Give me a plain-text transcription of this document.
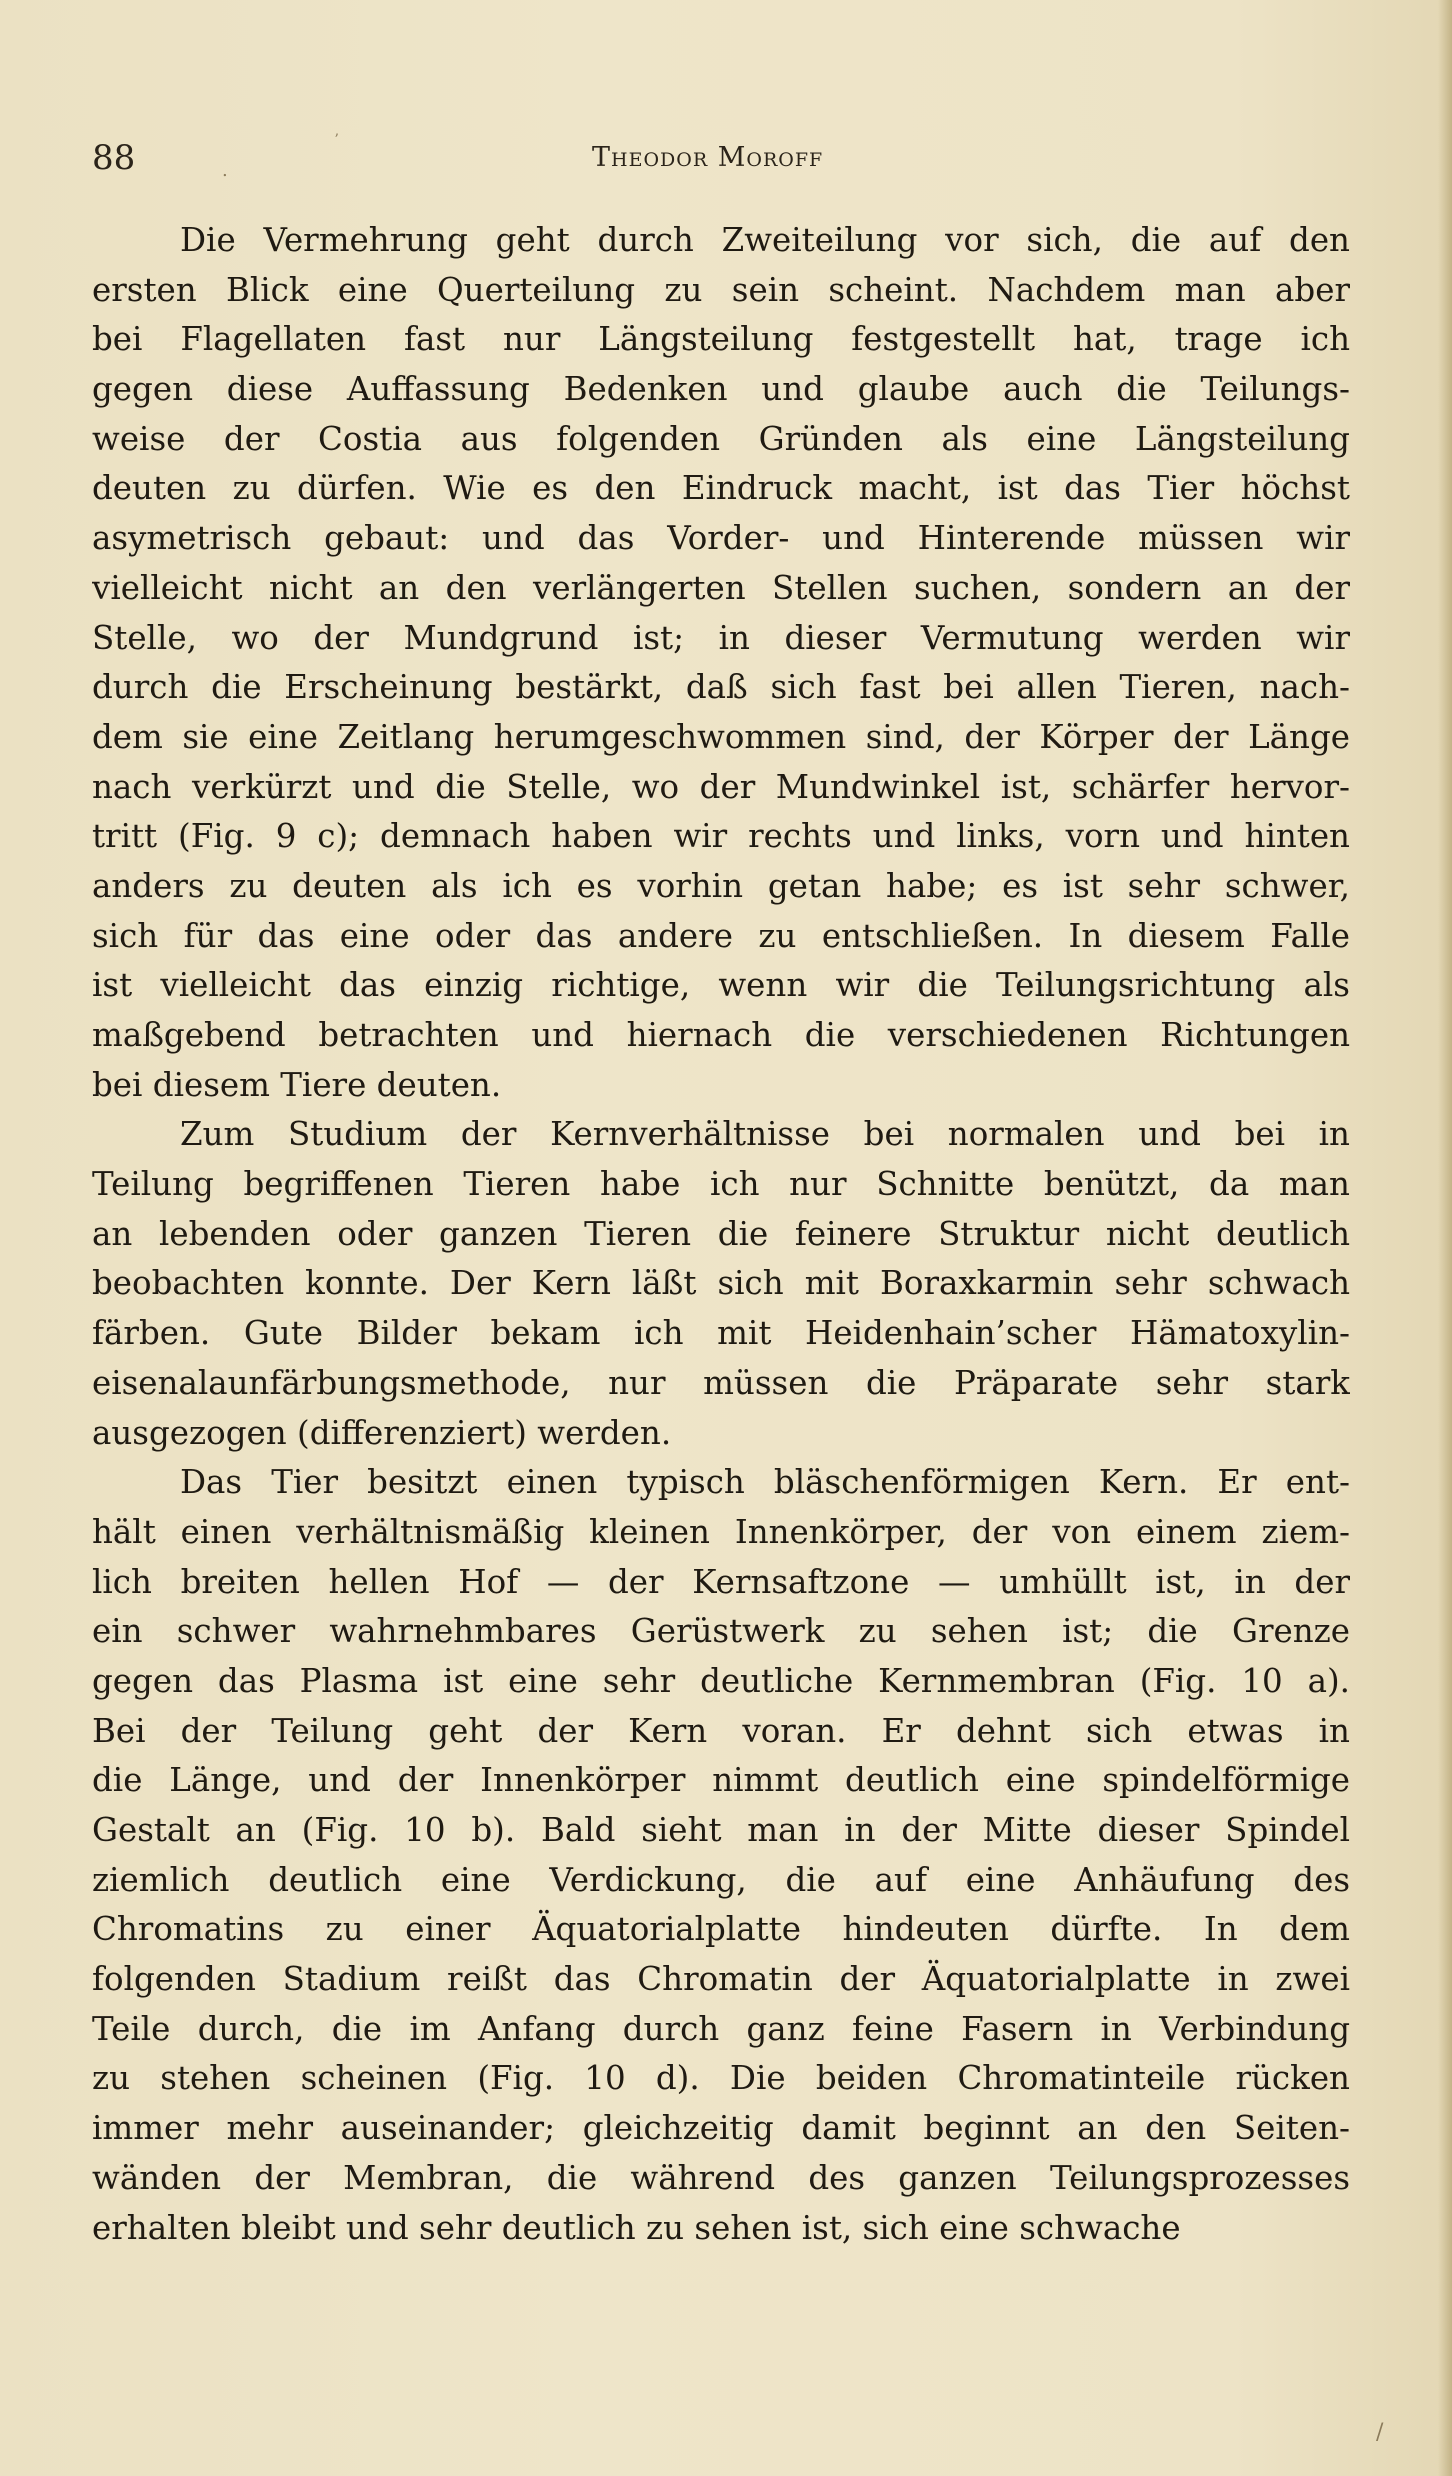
88	Theodor Moroff
.
ʼ
/
Die Vermehrung geht durch Zweiteilung vor sich, die auf den
ersten Blick eine Querteilung zu sein scheint. Nachdem man aber
bei Flagellaten fast nur Längsteilung festgestellt hat, trage ich
gegen diese Auffassung Bedenken und glaube auch die Teilungs-
weise der Costia aus folgenden Gründen als eine Längsteilung
deuten zu dürfen. Wie es den Eindruck macht, ist das Tier höchst
asymetrisch gebaut: und das Vorder- und Hinterende müssen wir
vielleicht nicht an den verlängerten Stellen suchen, sondern an der
Stelle, wo der Mundgrund ist; in dieser Vermutung werden wir
durch die Erscheinung bestärkt, daß sich fast bei allen Tieren, nach-
dem sie eine Zeitlang herumgeschwommen sind, der Körper der Länge
nach verkürzt und die Stelle, wo der Mundwinkel ist, schärfer hervor-
tritt (Fig. 9 c); demnach haben wir rechts und links, vorn und hinten
anders zu deuten als ich es vorhin getan habe; es ist sehr schwer,
sich für das eine oder das andere zu entschließen. In diesem Falle
ist vielleicht das einzig richtige, wenn wir die Teilungsrichtung als
maßgebend betrachten und hiernach die verschiedenen Richtungen
bei diesem Tiere deuten.
Zum Studium der Kernverhältnisse bei normalen und bei in
Teilung begriffenen Tieren habe ich nur Schnitte benützt, da man
an lebenden oder ganzen Tieren die feinere Struktur nicht deutlich
beobachten konnte. Der Kern läßt sich mit Boraxkarmin sehr schwach
färben. Gute Bilder bekam ich mit Heidenhain’scher Hämatoxylin-
eisenalaunfärbungsmethode, nur müssen die Präparate sehr stark
ausgezogen (differenziert) werden.
Das Tier besitzt einen typisch bläschenförmigen Kern. Er ent-
hält einen verhältnismäßig kleinen Innenkörper, der von einem ziem-
lich breiten hellen Hof — der Kernsaftzone — umhüllt ist, in der
ein schwer wahrnehmbares Gerüstwerk zu sehen ist; die Grenze
gegen das Plasma ist eine sehr deutliche Kernmembran (Fig. 10 a).
Bei der Teilung geht der Kern voran. Er dehnt sich etwas in
die Länge, und der Innenkörper nimmt deutlich eine spindelförmige
Gestalt an (Fig. 10 b). Bald sieht man in der Mitte dieser Spindel
ziemlich deutlich eine Verdickung, die auf eine Anhäufung des
Chromatins zu einer Äquatorialplatte hindeuten dürfte. In dem
folgenden Stadium reißt das Chromatin der Äquatorialplatte in zwei
Teile durch, die im Anfang durch ganz feine Fasern in Verbindung
zu stehen scheinen (Fig. 10 d). Die beiden Chromatinteile rücken
immer mehr auseinander; gleichzeitig damit beginnt an den Seiten-
wänden der Membran, die während des ganzen Teilungsprozesses
erhalten bleibt und sehr deutlich zu sehen ist, sich eine schwache
